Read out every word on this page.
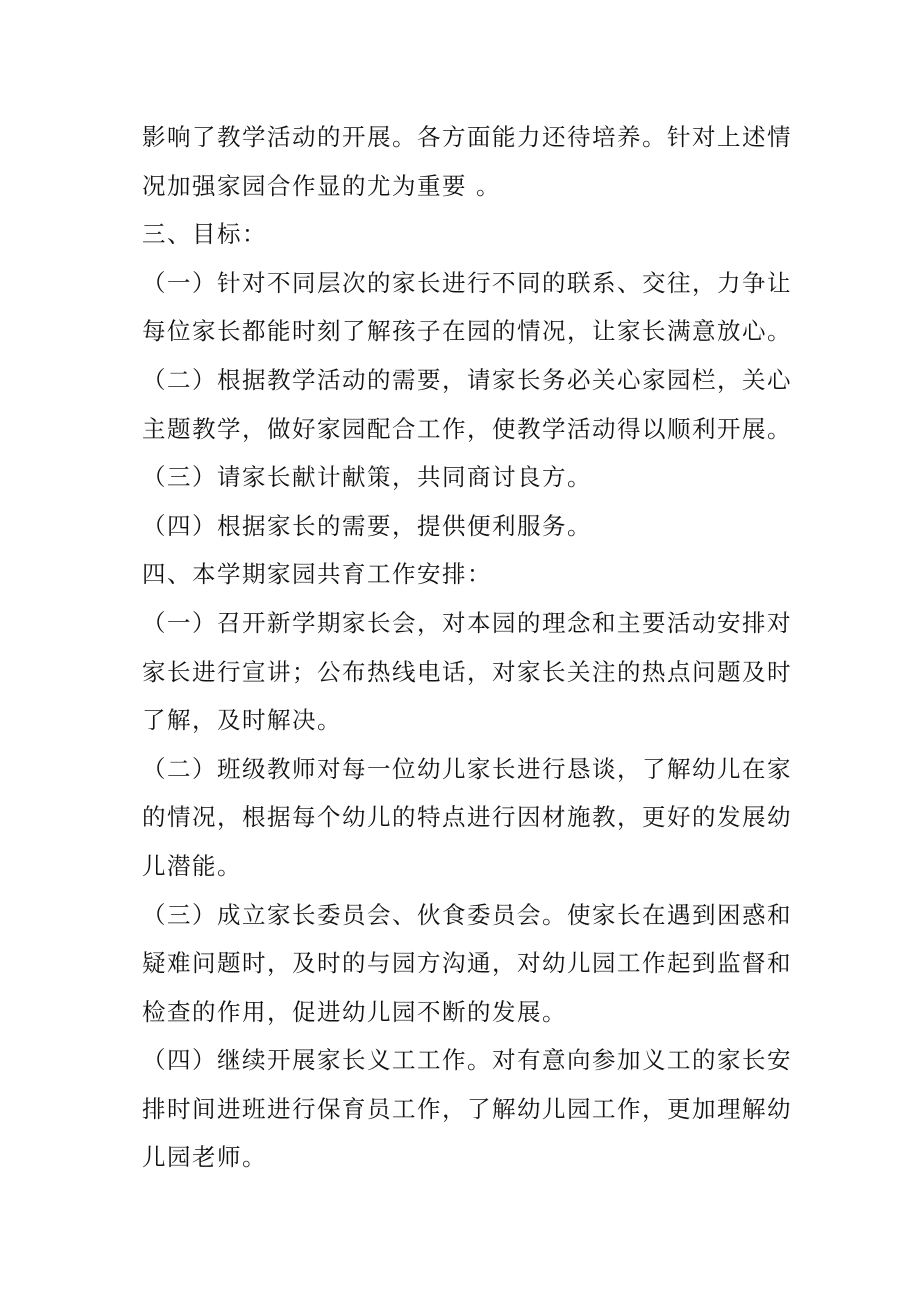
影响了教学活动的开展。各方面能力还待培养。针对上述情
况加强家园合作显的尤为重要 。
三、目标：
（一）针对不同层次的家长进行不同的联系、交往，力争让
每位家长都能时刻了解孩子在园的情况，让家长满意放心。
（二）根据教学活动的需要，请家长务必关心家园栏，关心
主题教学，做好家园配合工作，使教学活动得以顺利开展。
（三）请家长献计献策，共同商讨良方。
（四）根据家长的需要，提供便利服务。
四、本学期家园共育工作安排：
（一）召开新学期家长会，对本园的理念和主要活动安排对
家长进行宣讲；公布热线电话，对家长关注的热点问题及时
了解，及时解决。
（二）班级教师对每一位幼儿家长进行恳谈，了解幼儿在家
的情况，根据每个幼儿的特点进行因材施教，更好的发展幼
儿潜能。
（三）成立家长委员会、伙食委员会。使家长在遇到困惑和
疑难问题时，及时的与园方沟通，对幼儿园工作起到监督和
检查的作用，促进幼儿园不断的发展。
（四）继续开展家长义工工作。对有意向参加义工的家长安
排时间进班进行保育员工作，了解幼儿园工作，更加理解幼
儿园老师。
